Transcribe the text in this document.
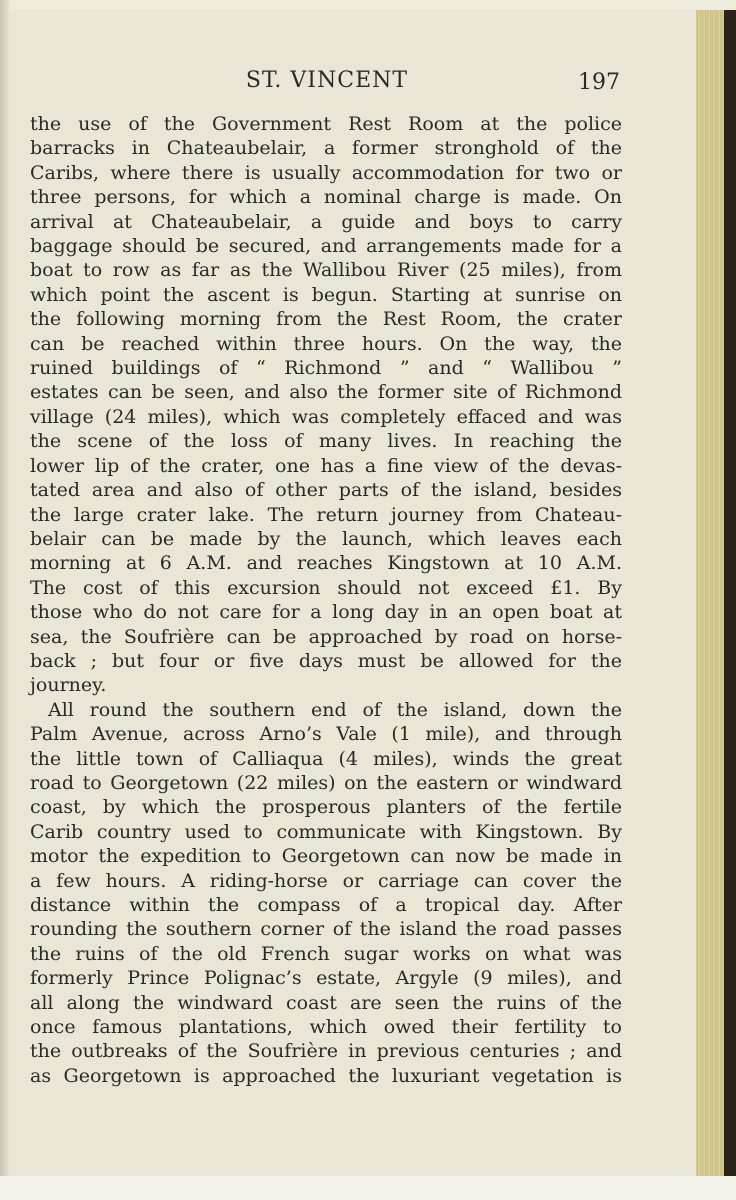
ST. VINCENT	197
the use of the Government Rest Room at the police
barracks in Chateaubelair, a former stronghold of the
Caribs, where there is usually accommodation for two or
three persons, for which a nominal charge is made. On
arrival at Chateaubelair, a guide and boys to carry
baggage should be secured, and arrangements made for a
boat to row as far as the Wallibou River (25 miles), from
which point the ascent is begun. Starting at sunrise on
the following morning from the Rest Room, the crater
can be reached within three hours. On the way, the
ruined buildings of “ Richmond ” and “ Wallibou ”
estates can be seen, and also the former site of Richmond
village (24 miles), which was completely effaced and was
the scene of the loss of many lives. In reaching the
lower lip of the crater, one has a fine view of the devas-
tated area and also of other parts of the island, besides
the large crater lake. The return journey from Chateau-
belair can be made by the launch, which leaves each
morning at 6 A.M. and reaches Kingstown at 10 A.M.
The cost of this excursion should not exceed £1. By
those who do not care for a long day in an open boat at
sea, the Soufrière can be approached by road on horse-
back ; but four or five days must be allowed for the
journey.
All round the southern end of the island, down the
Palm Avenue, across Arno’s Vale (1 mile), and through
the little town of Calliaqua (4 miles), winds the great
road to Georgetown (22 miles) on the eastern or windward
coast, by which the prosperous planters of the fertile
Carib country used to communicate with Kingstown. By
motor the expedition to Georgetown can now be made in
a few hours. A riding-horse or carriage can cover the
distance within the compass of a tropical day. After
rounding the southern corner of the island the road passes
the ruins of the old French sugar works on what was
formerly Prince Polignac’s estate, Argyle (9 miles), and
all along the windward coast are seen the ruins of the
once famous plantations, which owed their fertility to
the outbreaks of the Soufrière in previous centuries ; and
as Georgetown is approached the luxuriant vegetation is
